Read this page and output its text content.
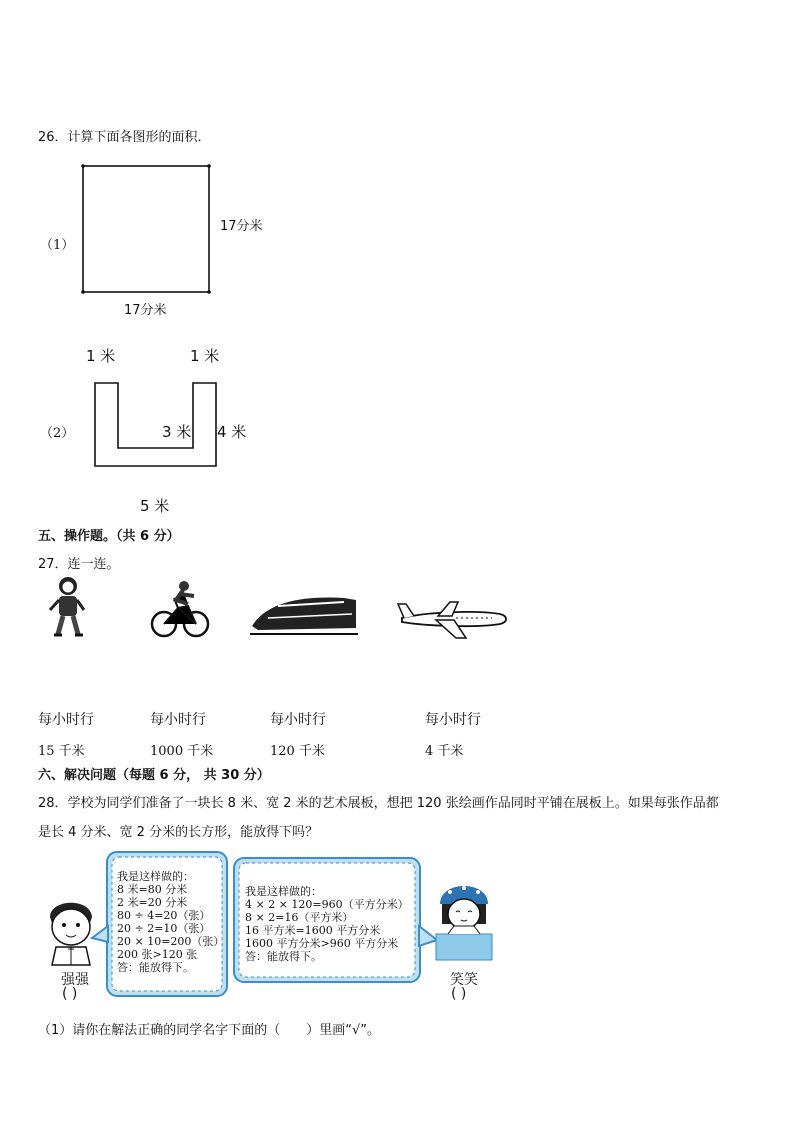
26．计算下面各图形的面积．
（1）
17分米
17分米
1 米	1 米
（2）	3 米 4 米
5 米
五、操作题。（共 6 分）
27．连一连。
每小时行	每小时行	每小时行	每小时行
15 千米	1000 千米	120 千米	4 千米
六、解决问题（每题 6 分， 共 30 分）
28．学校为同学们准备了一块长 8 米、宽 2 米的艺术展板，想把 120 张绘画作品同时平铺在展板上。如果每张作品都
是长 4 分米、宽 2 分米的长方形，能放得下吗？
强强
( )
我是这样做的：
8 米=80 分米
2 米=20 分米
80 ÷ 4=20（张）
20 ÷ 2=10（张）
20 × 10=200（张）
200 张>120 张
答：能放得下。
我是这样做的：
4 × 2 × 120=960（平方分米）
8 × 2=16（平方米）
16 平方米=1600 平方分米
1600 平方分米>960 平方分米
答：能放得下。
笑笑
( )
（1）请你在解法正确的同学名字下面的（　　）里画“√”。
